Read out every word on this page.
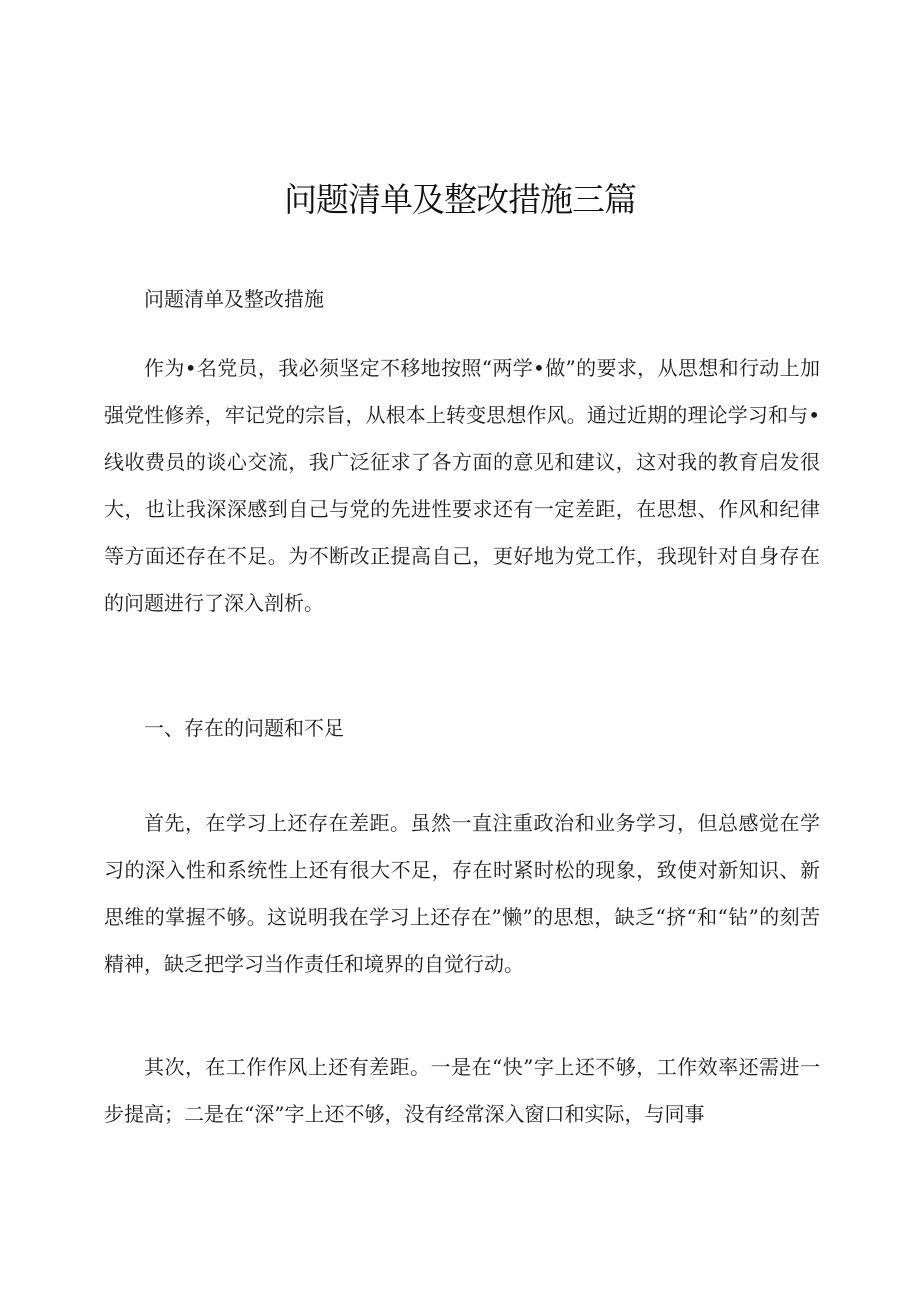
问题清单及整改措施三篇

问题清单及整改措施

作为•名党员，我必须坚定不移地按照“两学•做”的要求，从思想和行动上加强党性修养，牢记党的宗旨，从根本上转变思想作风。通过近期的理论学习和与•线收费员的谈心交流，我广泛征求了各方面的意见和建议，这对我的教育启发很大，也让我深深感到自己与党的先进性要求还有一定差距，在思想、作风和纪律等方面还存在不足。为不断改正提高自己，更好地为党工作，我现针对自身存在的问题进行了深入剖析。

一、存在的问题和不足

首先，在学习上还存在差距。虽然一直注重政治和业务学习，但总感觉在学习的深入性和系统性上还有很大不足，存在时紧时松的现象，致使对新知识、新思维的掌握不够。这说明我在学习上还存在”懒”的思想，缺乏“挤“和“钻”的刻苦精神，缺乏把学习当作责任和境界的自觉行动。

其次，在工作作风上还有差距。一是在“快”字上还不够，工作效率还需进一步提高；二是在“深”字上还不够，没有经常深入窗口和实际，与同事
